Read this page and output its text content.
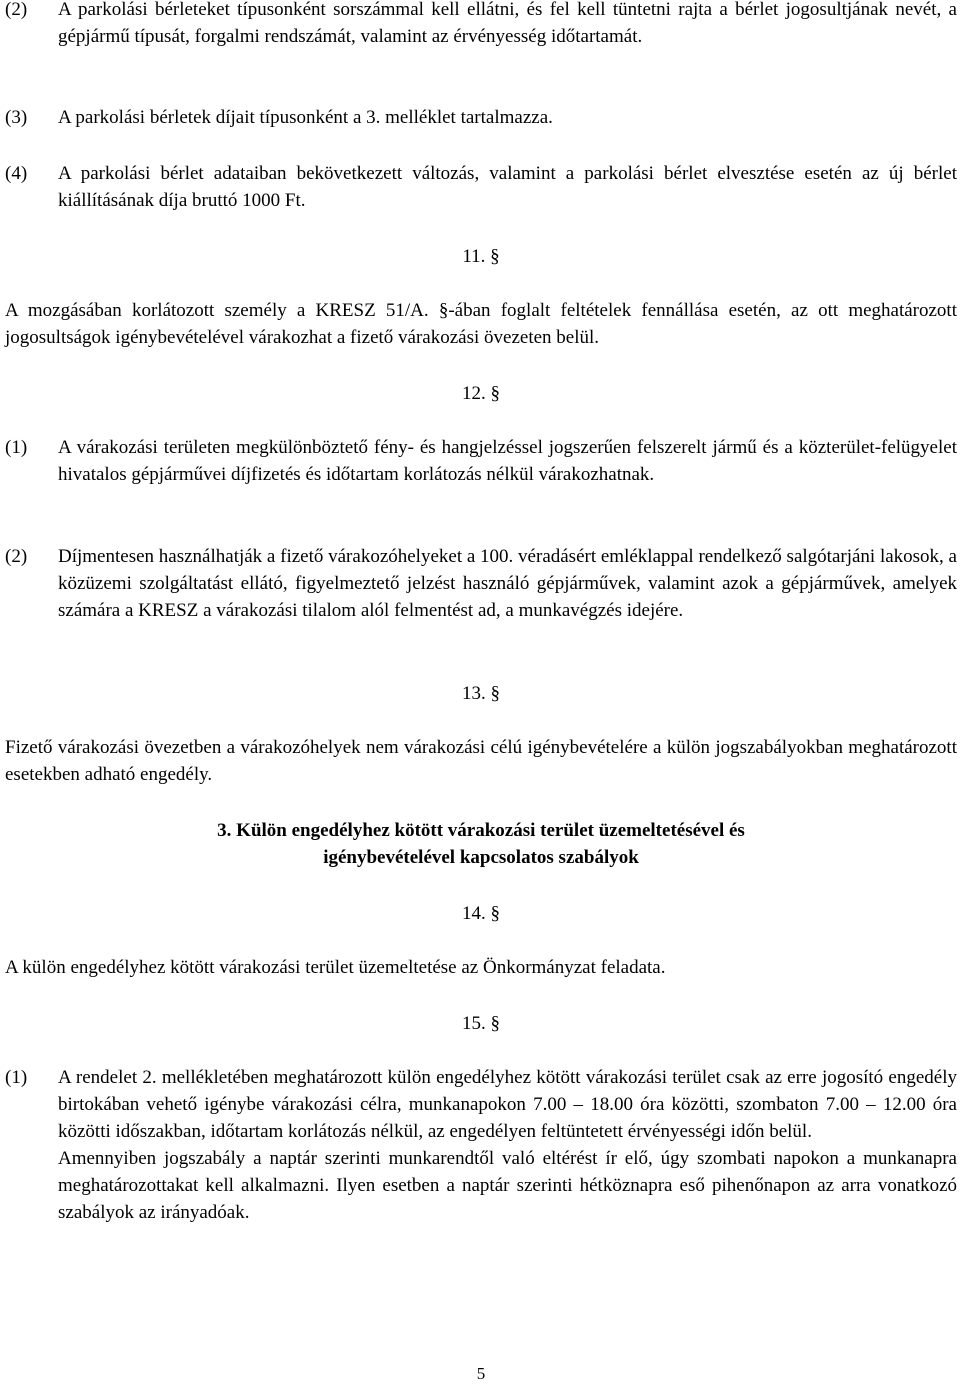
(2) A parkolási bérleteket típusonként sorszámmal kell ellátni, és fel kell tüntetni rajta a bérlet jogosultjának nevét, a gépjármű típusát, forgalmi rendszámát, valamint az érvényesség időtartamát.
(3) A parkolási bérletek díjait típusonként a 3. melléklet tartalmazza.
(4) A parkolási bérlet adataiban bekövetkezett változás, valamint a parkolási bérlet elvesztése esetén az új bérlet kiállításának díja bruttó 1000 Ft.
11. §
A mozgásában korlátozott személy a KRESZ 51/A. §-ában foglalt feltételek fennállása esetén, az ott meghatározott jogosultságok igénybevételével várakozhat a fizető várakozási övezeten belül.
12. §
(1) A várakozási területen megkülönböztető fény- és hangjelzéssel jogszerűen felszerelt jármű és a közterület-felügyelet hivatalos gépjárművei díjfizetés és időtartam korlátozás nélkül várakozhatnak.
(2) Díjmentesen használhatják a fizető várakozóhelyeket a 100. véradásért emléklappal rendelkező salgótarjáni lakosok, a közüzemi szolgáltatást ellátó, figyelmeztető jelzést használó gépjárművek, valamint azok a gépjárművek, amelyek számára a KRESZ a várakozási tilalom alól felmentést ad, a munkavégzés idejére.
13. §
Fizető várakozási övezetben a várakozóhelyek nem várakozási célú igénybevételére a külön jogszabályokban meghatározott esetekben adható engedély.
3. Külön engedélyhez kötött várakozási terület üzemeltetésével és
igénybevételével kapcsolatos szabályok
14. §
A külön engedélyhez kötött várakozási terület üzemeltetése az Önkormányzat feladata.
15. §
(1) A rendelet 2. mellékletében meghatározott külön engedélyhez kötött várakozási terület csak az erre jogosító engedély birtokában vehető igénybe várakozási célra, munkanapokon 7.00 – 18.00 óra közötti, szombaton 7.00 – 12.00 óra közötti időszakban, időtartam korlátozás nélkül, az engedélyen feltüntetett érvényességi időn belül.
Amennyiben jogszabály a naptár szerinti munkarendtől való eltérést ír elő, úgy szombati napokon a munkanapra meghatározottakat kell alkalmazni. Ilyen esetben a naptár szerinti hétköznapra eső pihenőnapon az arra vonatkozó szabályok az irányadóak.
5
